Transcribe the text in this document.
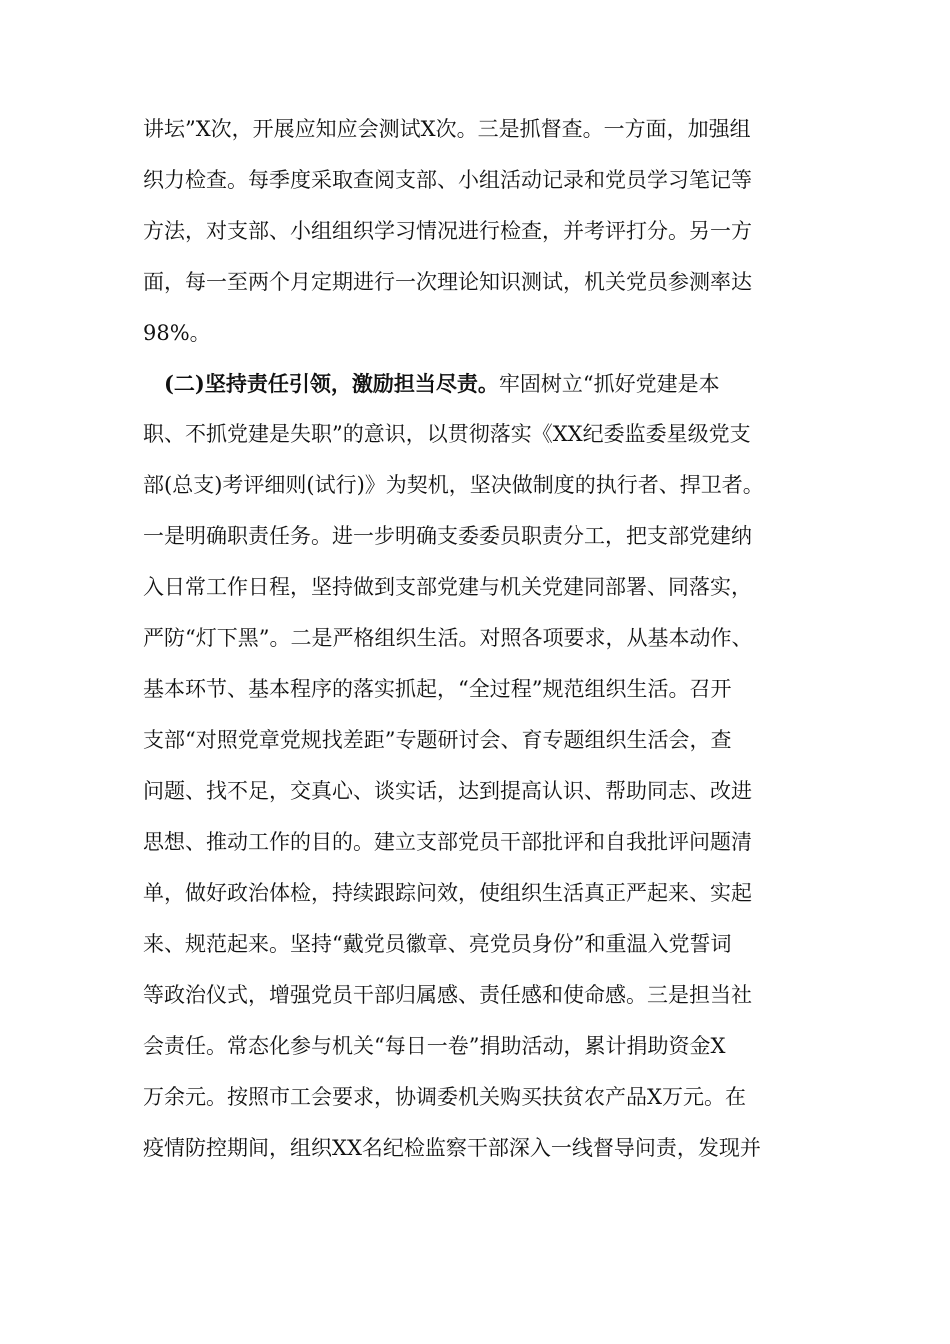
讲坛”X次，开展应知应会测试X次。三是抓督查。一方面，加强组
织力检查。每季度采取查阅支部、小组活动记录和党员学习笔记等
方法，对支部、小组组织学习情况进行检查，并考评打分。另一方
面，每一至两个月定期进行一次理论知识测试，机关党员参测率达
98%。
(二)坚持责任引领，激励担当尽责。牢固树立“抓好党建是本
职、不抓党建是失职”的意识，以贯彻落实《XX纪委监委星级党支
部(总支)考评细则(试行)》为契机，坚决做制度的执行者、捍卫者。
一是明确职责任务。进一步明确支委委员职责分工，把支部党建纳
入日常工作日程，坚持做到支部党建与机关党建同部署、同落实，
严防“灯下黑”。二是严格组织生活。对照各项要求，从基本动作、
基本环节、基本程序的落实抓起，“全过程”规范组织生活。召开
支部“对照党章党规找差距”专题研讨会、育专题组织生活会，查
问题、找不足，交真心、谈实话，达到提高认识、帮助同志、改进
思想、推动工作的目的。建立支部党员干部批评和自我批评问题清
单，做好政治体检，持续跟踪问效，使组织生活真正严起来、实起
来、规范起来。坚持“戴党员徽章、亮党员身份”和重温入党誓词
等政治仪式，增强党员干部归属感、责任感和使命感。三是担当社
会责任。常态化参与机关“每日一卷”捐助活动，累计捐助资金X
万余元。按照市工会要求，协调委机关购买扶贫农产品X万元。在
疫情防控期间，组织XX名纪检监察干部深入一线督导问责，发现并
